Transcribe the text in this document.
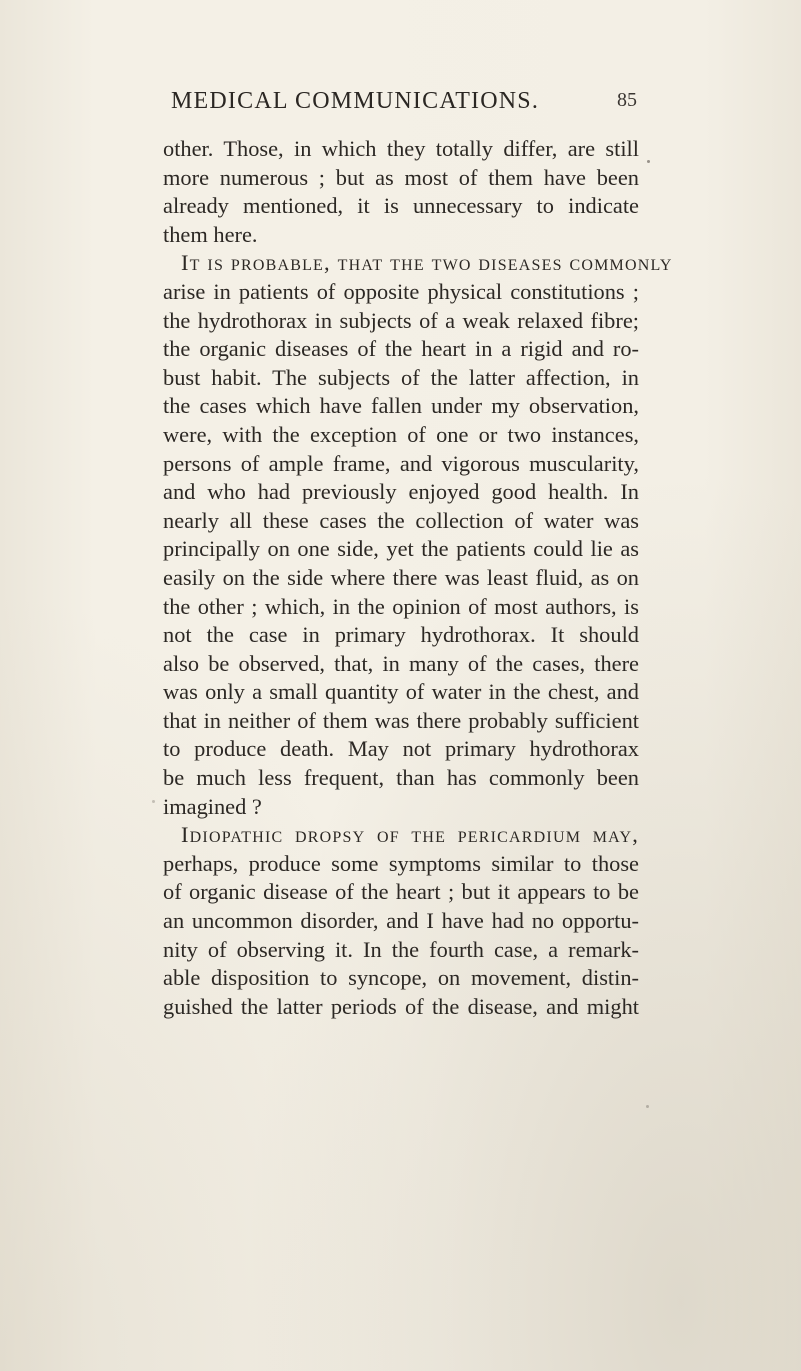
MEDICAL COMMUNICATIONS.	85
other. Those, in which they totally differ, are still
more numerous ; but as most of them have been
already mentioned, it is unnecessary to indicate
them here.
It is probable, that the two diseases commonly
arise in patients of opposite physical constitutions ;
the hydrothorax in subjects of a weak relaxed fibre;
the organic diseases of the heart in a rigid and ro-
bust habit. The subjects of the latter affection, in
the cases which have fallen under my observation,
were, with the exception of one or two instances,
persons of ample frame, and vigorous muscularity,
and who had previously enjoyed good health. In
nearly all these cases the collection of water was
principally on one side, yet the patients could lie as
easily on the side where there was least fluid, as on
the other ; which, in the opinion of most authors, is
not the case in primary hydrothorax. It should
also be observed, that, in many of the cases, there
was only a small quantity of water in the chest, and
that in neither of them was there probably sufficient
to produce death. May not primary hydrothorax
be much less frequent, than has commonly been
imagined ?
Idiopathic dropsy of the pericardium may,
perhaps, produce some symptoms similar to those
of organic disease of the heart ; but it appears to be
an uncommon disorder, and I have had no opportu-
nity of observing it. In the fourth case, a remark-
able disposition to syncope, on movement, distin-
guished the latter periods of the disease, and might
